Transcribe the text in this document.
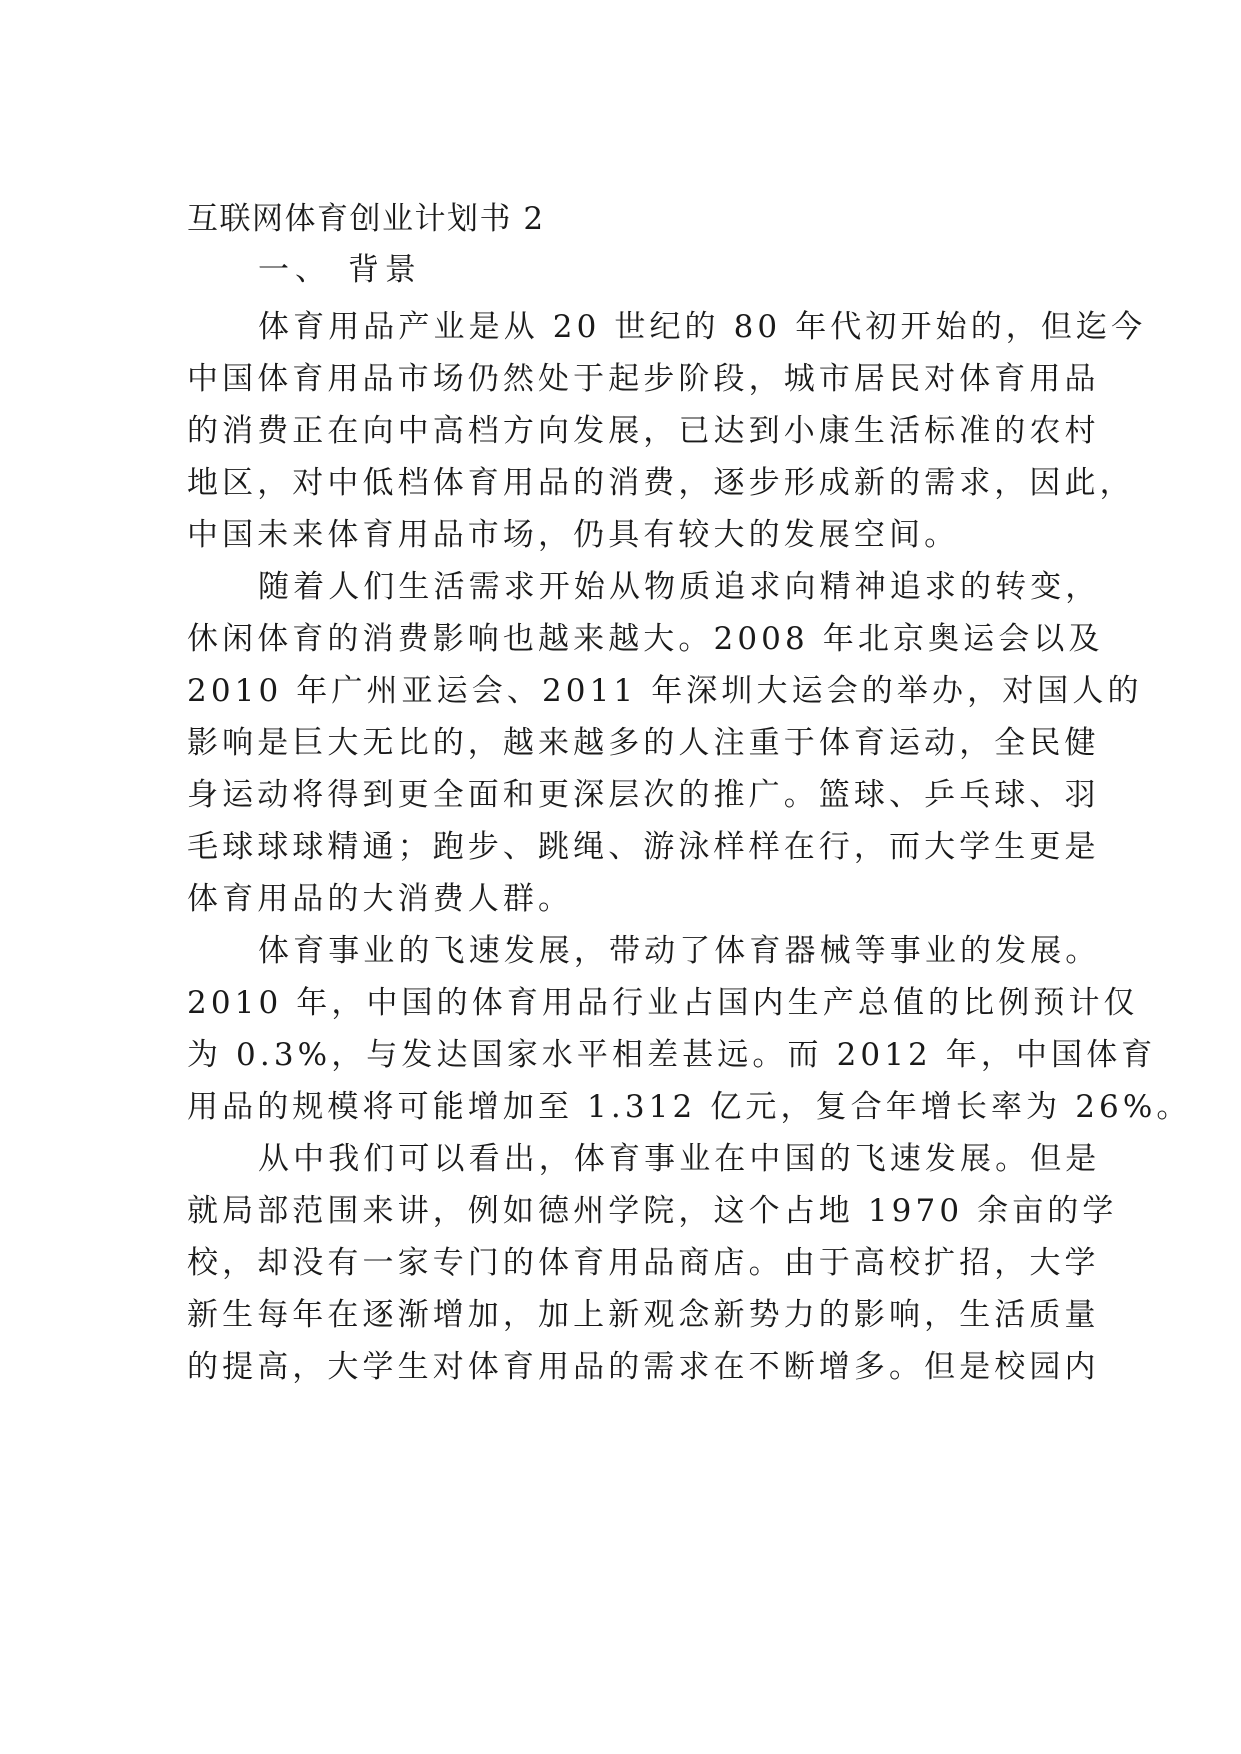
互联网体育创业计划书 2
一、 背景
体育用品产业是从 20 世纪的 80 年代初开始的，但迄今
中国体育用品市场仍然处于起步阶段，城市居民对体育用品
的消费正在向中高档方向发展，已达到小康生活标准的农村
地区，对中低档体育用品的消费，逐步形成新的需求，因此，
中国未来体育用品市场，仍具有较大的发展空间。
随着人们生活需求开始从物质追求向精神追求的转变，
休闲体育的消费影响也越来越大。2008 年北京奥运会以及
2010 年广州亚运会、2011 年深圳大运会的举办，对国人的
影响是巨大无比的，越来越多的人注重于体育运动，全民健
身运动将得到更全面和更深层次的推广。篮球、乒乓球、羽
毛球球球精通；跑步、跳绳、游泳样样在行，而大学生更是
体育用品的大消费人群。
体育事业的飞速发展，带动了体育器械等事业的发展。
2010 年，中国的体育用品行业占国内生产总值的比例预计仅
为 0.3%，与发达国家水平相差甚远。而 2012 年，中国体育
用品的规模将可能增加至 1.312 亿元，复合年增长率为 26%。
从中我们可以看出，体育事业在中国的飞速发展。但是
就局部范围来讲，例如德州学院，这个占地 1970 余亩的学
校，却没有一家专门的体育用品商店。由于高校扩招，大学
新生每年在逐渐增加，加上新观念新势力的影响，生活质量
的提高，大学生对体育用品的需求在不断增多。但是校园内
